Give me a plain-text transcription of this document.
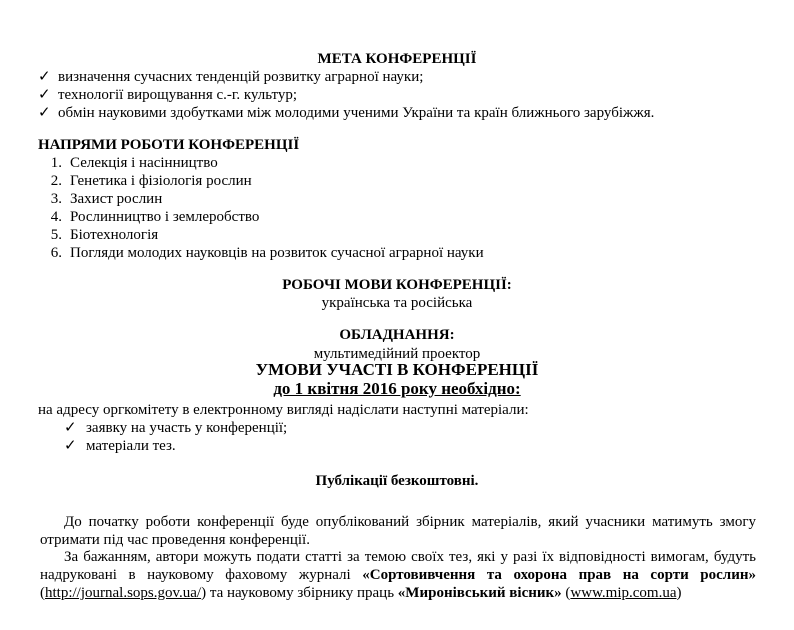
МЕТА КОНФЕРЕНЦІЇ
✓ визначення сучасних тенденцій розвитку аграрної науки;
✓ технології вирощування с.-г. культур;
✓ обмін науковими здобутками між молодими ученими України та країн ближнього зарубіжжя.
НАПРЯМИ РОБОТИ КОНФЕРЕНЦІЇ
1. Селекція і насінництво
2. Генетика і фізіологія рослин
3. Захист рослин
4. Рослинництво і землеробство
5. Біотехнологія
6. Погляди молодих науковців на розвиток сучасної аграрної науки
РОБОЧІ МОВИ КОНФЕРЕНЦІЇ:
українська та російська
ОБЛАДНАННЯ:
мультимедійний проектор
УМОВИ УЧАСТІ В КОНФЕРЕНЦІЇ
до 1 квітня 2016 року необхідно:
на адресу оргкомітету в електронному вигляді надіслати наступні матеріали:
✓ заявку на участь у конференції;
✓ матеріали тез.
Публікації безкоштовні.
До початку роботи конференції буде опублікований збірник матеріалів, який учасники матимуть змогу отримати під час проведення конференції.
За бажанням, автори можуть подати статті за темою своїх тез, які у разі їх відповідності вимогам, будуть надруковані в науковому фаховому журналі «Сортовивчення та охорона прав на сорти рослин» (http://journal.sops.gov.ua/) та науковому збірнику праць «Миронівський вісник» (www.mip.com.ua)
